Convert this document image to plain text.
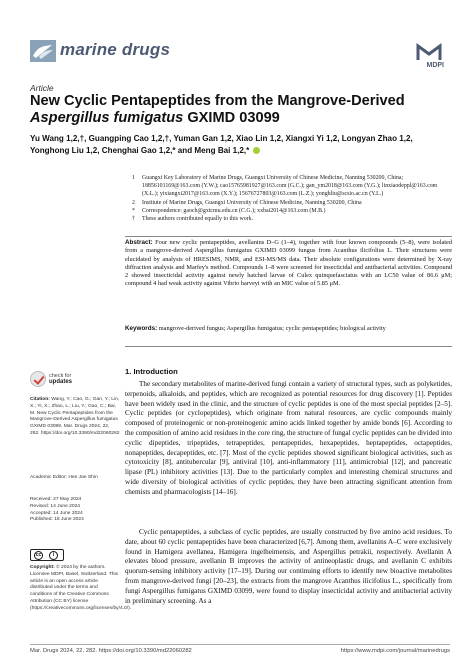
marine drugs
MDPI
Article
New Cyclic Pentapeptides from the Mangrove-Derived
Aspergillus fumigatus GXIMD 03099
Yu Wang 1,2,†, Guangping Cao 1,2,†, Yuman Gan 1,2, Xiao Lin 1,2, Xiangxi Yi 1,2, Longyan Zhao 1,2,
Yonghong Liu 1,2, Chenghai Gao 1,2,* and Meng Bai 1,2,*
1 Guangxi Key Laboratory of Marine Drugs, Guangxi University of Chinese Medicine, Nanning 530200, China; 18856101169@163.com (Y.W.); cao15765981927@163.com (G.C.); gan_ym2018@163.com (Y.G.); linxiaodeppl@163.com (X.L.); yixiangxi2017@163.com (X.Y.); 15676727803@163.com (L.Z.); yonghliu@scsio.ac.cn (Y.L.)
2 Institute of Marine Drugs, Guangxi University of Chinese Medicine, Nanning 530200, China
* Correspondence: gaoch@gxtcmu.edu.cn (C.G.); xxbai2014@163.com (M.B.)
† These authors contributed equally to this work.
Abstract: Four new cyclic pentapeptides, avellanins D–G (1–4), together with four known compounds (5–8), were isolated from a mangrove-derived Aspergillus fumigatus GXIMD 03099 fungus from Acanthus ilicifolius L. Their structures were elucidated by analysis of HRESIMS, NMR, and ESI-MS/MS data. Their absolute configurations were determined by X-ray diffraction analysis and Marfey's method. Compounds 1–8 were screened for insecticidal and antibacterial activities. Compound 2 showed insecticidal activity against newly hatched larvae of Culex quinquefasciatus with an LC50 value of 86.6 μM; compound 4 had weak activity against Vibrio harveyi with an MIC value of 5.85 μM.
Keywords: mangrove-derived fungus; Aspergillus fumigatus; cyclic pentapeptides; biological activity
check for
updates
Citation: Wang, Y.; Cao, G.; Gan, Y.; Lin, X.; Yi, X.; Zhao, L.; Liu, Y.; Gao, C.; Bai, M. New Cyclic Pentapeptides from the Mangrove-Derived Aspergillus fumigatus GXIMD 03099. Mar. Drugs 2024, 22, 282. https://doi.org/10.3390/md22060282
Academic Editor: Hee Jae Shin
Received: 27 May 2024
Revised: 14 June 2024
Accepted: 14 June 2024
Published: 18 June 2024
cc	i
Copyright: © 2024 by the authors. Licensee MDPI, Basel, Switzerland. This article is an open access article distributed under the terms and conditions of the Creative Commons Attribution (CC BY) license (https://creativecommons.org/licenses/by/4.0/).
1. Introduction

The secondary metabolites of marine-derived fungi contain a variety of structural types, such as polyketides, terpenoids, alkaloids, and peptides, which are recognized as potential resources for drug discovery [1]. Peptides have been widely used in the clinic, and the structure of cyclic peptides is one of the most special peptides [2–5]. Cyclic peptides (or cyclopeptides), which originate from natural resources, are cyclic compounds mainly composed of proteinogenic or non-proteinogenic amino acids linked together by amide bonds [6]. According to the composition of amino acid residues in the core ring, the structure of fungal cyclic peptides can be divided into cyclic dipeptides, tripeptides, tetrapeptides, pentapeptides, hexapeptides, heptapeptides, octapeptides, nonapeptides, decapeptides, etc. [7]. Most of the cyclic peptides showed significant biological activities, such as cytotoxicity [8], antitubercular [9], antiviral [10], anti-inflammatory [11], antimicrobial [12], and pancreatic lipase (PL) inhibitory activities [13]. Due to the particularly complex and interesting chemical structures and wide diversity of biological activities of cyclic peptides, they have been attracting significant attention from chemists and pharmacologists [14–16].

Cyclic pentapeptides, a subclass of cyclic peptides, are usually constructed by five amino acid residues. To date, about 60 cyclic pentapeptides have been characterized [6,7]. Among them, avellanins A–C were exclusively found in Hamigera avellanea, Hamigera ingelheimensis, and Aspergillus petrakii, respectively. Avellanin A elevates blood pressure, avellanin B improves the activity of antineoplastic drugs, and avellanin C exhibits quorum-sensing inhibitory activity [17–19]. During our continuing efforts to identify new bioactive metabolites from mangrove-derived fungi [20–23], the extracts from the mangrove Acanthus ilicifolius L., specifically from fungi Aspergillus fumigatus GXIMD 03099, were found to display insecticidal activity and antibacterial activity in preliminary screening. As a

Mar. Drugs 2024, 22, 282. https://doi.org/10.3390/md22060282	https://www.mdpi.com/journal/marinedrugs
